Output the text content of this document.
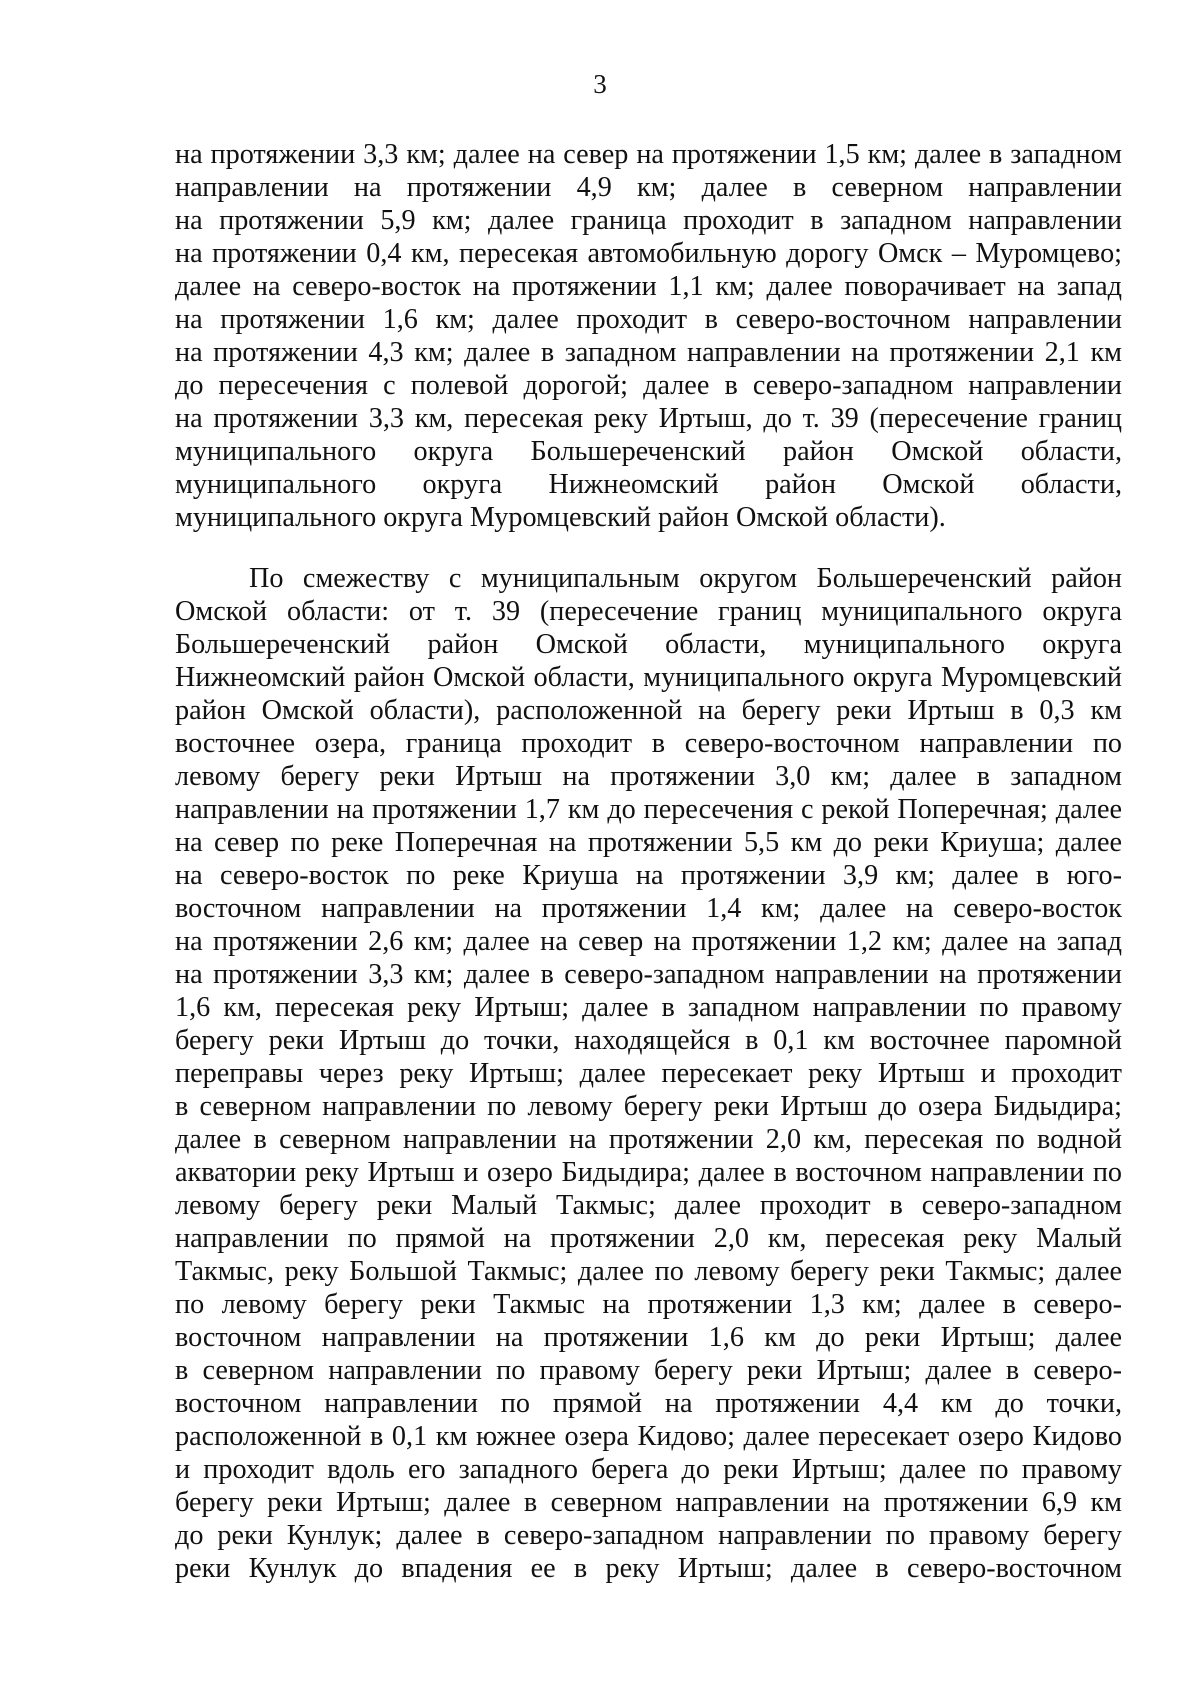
3
на протяжении 3,3 км; далее на север на протяжении 1,5 км; далее в западном
направлении на протяжении 4,9 км; далее в северном направлении
на протяжении 5,9 км; далее граница проходит в западном направлении
на протяжении 0,4 км, пересекая автомобильную дорогу Омск – Муромцево;
далее на северо-восток на протяжении 1,1 км; далее поворачивает на запад
на протяжении 1,6 км; далее проходит в северо-восточном направлении
на протяжении 4,3 км; далее в западном направлении на протяжении 2,1 км
до пересечения с полевой дорогой; далее в северо-западном направлении
на протяжении 3,3 км, пересекая реку Иртыш, до т. 39 (пересечение границ
муниципального округа Большереченский район Омской области,
муниципального округа Нижнеомский район Омской области,
муниципального округа Муромцевский район Омской области).
По смежеству с муниципальным округом Большереченский район
Омской области: от т. 39 (пересечение границ муниципального округа
Большереченский район Омской области, муниципального округа
Нижнеомский район Омской области, муниципального округа Муромцевский
район Омской области), расположенной на берегу реки Иртыш в 0,3 км
восточнее озера, граница проходит в северо-восточном направлении по
левому берегу реки Иртыш на протяжении 3,0 км; далее в западном
направлении на протяжении 1,7 км до пересечения с рекой Поперечная; далее
на север по реке Поперечная на протяжении 5,5 км до реки Криуша; далее
на северо-восток по реке Криуша на протяжении 3,9 км; далее в юго-
восточном направлении на протяжении 1,4 км; далее на северо-восток
на протяжении 2,6 км; далее на север на протяжении 1,2 км; далее на запад
на протяжении 3,3 км; далее в северо-западном направлении на протяжении
1,6 км, пересекая реку Иртыш; далее в западном направлении по правому
берегу реки Иртыш до точки, находящейся в 0,1 км восточнее паромной
переправы через реку Иртыш; далее пересекает реку Иртыш и проходит
в северном направлении по левому берегу реки Иртыш до озера Бидыдира;
далее в северном направлении на протяжении 2,0 км, пересекая по водной
акватории реку Иртыш и озеро Бидыдира; далее в восточном направлении по
левому берегу реки Малый Такмыс; далее проходит в северо-западном
направлении по прямой на протяжении 2,0 км, пересекая реку Малый
Такмыс, реку Большой Такмыс; далее по левому берегу реки Такмыс; далее
по левому берегу реки Такмыс на протяжении 1,3 км; далее в северо-
восточном направлении на протяжении 1,6 км до реки Иртыш; далее
в северном направлении по правому берегу реки Иртыш; далее в северо-
восточном направлении по прямой на протяжении 4,4 км до точки,
расположенной в 0,1 км южнее озера Кидово; далее пересекает озеро Кидово
и проходит вдоль его западного берега до реки Иртыш; далее по правому
берегу реки Иртыш; далее в северном направлении на протяжении 6,9 км
до реки Кунлук; далее в северо-западном направлении по правому берегу
реки Кунлук до впадения ее в реку Иртыш; далее в северо-восточном
